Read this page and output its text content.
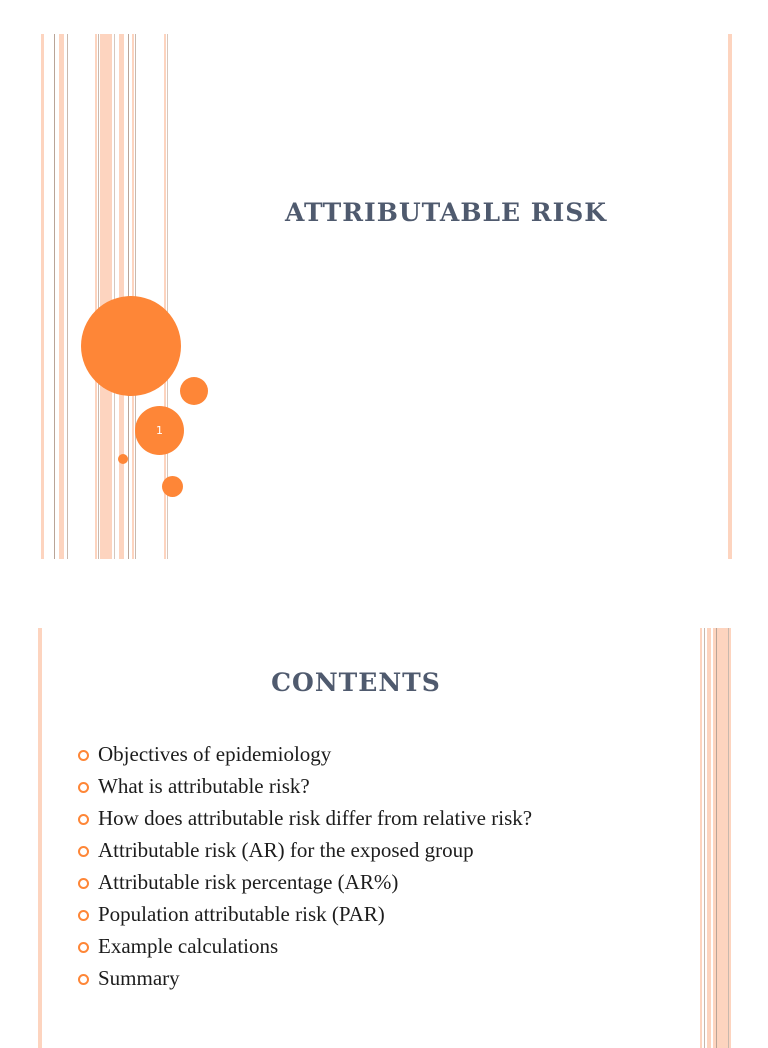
1
ATTRIBUTABLE RISK
CONTENTS
Objectives of epidemiology
What is attributable risk?
How does attributable risk differ from relative risk?
Attributable risk (AR) for the exposed group
Attributable risk percentage (AR%)
Population attributable risk (PAR)
Example calculations
Summary
